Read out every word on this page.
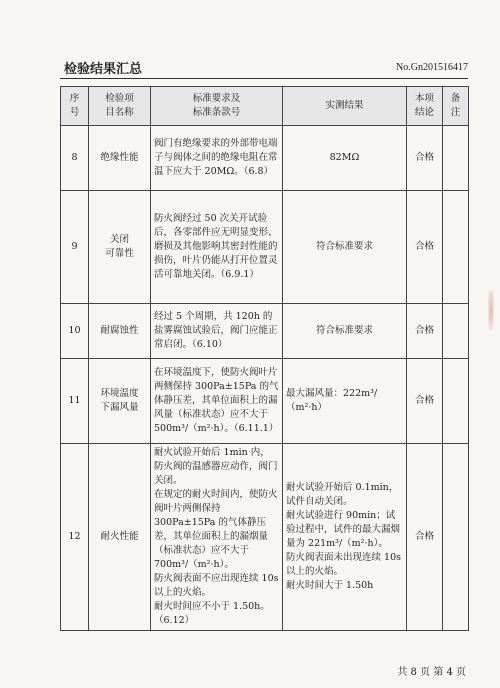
检验结果汇总	No.Gn201516417
序
号	检验项
目名称	标准要求及
标准条款号	实测结果	本项
结论	备
注
8	绝缘性能	阀门有绝缘要求的外部带电端子与阀体之间的绝缘电阻在常温下应大于 20MΩ。（6.8）	82MΩ	合格	
9	关闭
可靠性	防火阀经过 50 次关开试验后，各零部件应无明显变形、磨损及其他影响其密封性能的损伤，叶片仍能从打开位置灵活可靠地关闭。（6.9.1）	符合标准要求	合格	
10	耐腐蚀性	经过 5 个周期，共 120h 的盐雾腐蚀试验后，阀门应能正常启闭。（6.10）	符合标准要求	合格	
11	环境温度
下漏风量	在环境温度下，使防火阀叶片两侧保持 300Pa±15Pa 的气体静压差，其单位面积上的漏风量（标准状态）应不大于 500m³/（m²·h）。（6.11.1）	最大漏风量：222m³/（m²·h）	合格	
12	耐火性能	耐火试验开始后 1min 内，防火阀的温感器应动作，阀门关闭。
在规定的耐火时间内，使防火阀叶片两侧保持 300Pa±15Pa 的气体静压差，其单位面积上的漏烟量（标准状态）应不大于 700m³/（m²·h）。
防火阀表面不应出现连续 10s 以上的火焰。
耐火时间应不小于 1.50h。（6.12）	耐火试验开始后 0.1min，试件自动关闭。
耐火试验进行 90min；试验过程中，试件的最大漏烟量为 221m³/（m²·h）。
防火阀表面未出现连续 10s 以上的火焰。
耐火时间大于 1.50h	合格	
共 8 页 第 4 页
